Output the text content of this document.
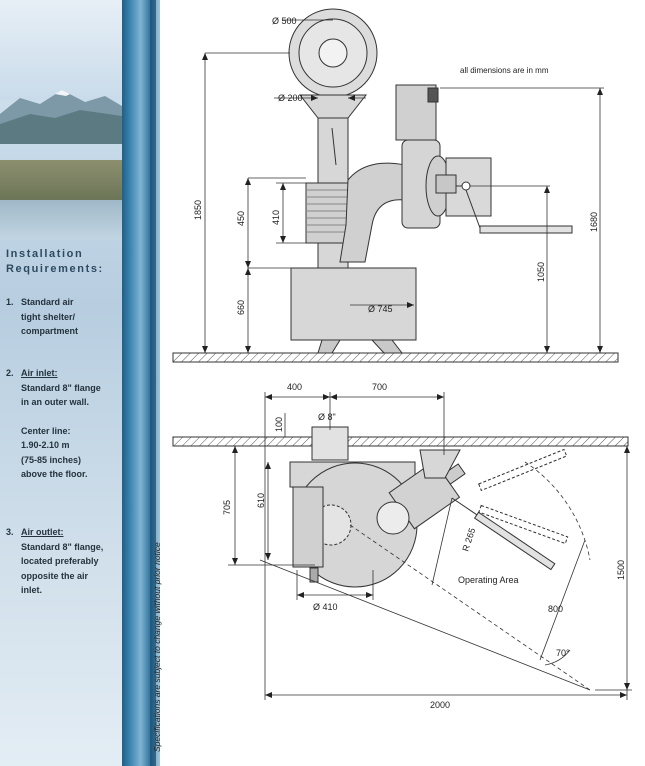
Installation
Requirements:
1. Standard air
tight shelter/
compartment
2. Air inlet:
Standard 8" flange
in an outer wall.
Center line:
1.90-2.10 m
(75-85 inches)
above the floor.
3. Air outlet:
Standard 8" flange,
located preferably
opposite the air
inlet.	Specifications are subject to change without prior notice
all dimensions are in mm
Ø 500
Ø 200
Ø 745
1850	450	410
660
1050
1680
400	700
Ø 8"
100
705	610
Ø 410
R 265
Operating Area
800
70°
1500
2000
